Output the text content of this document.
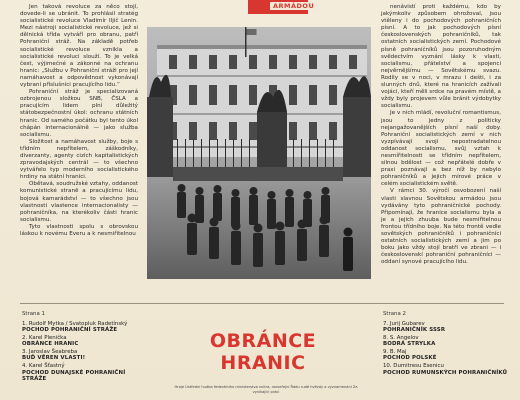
ARMÁDOU

Jen taková revoluce za něco stojí, dovede-li se ubránit. To prohlásil stratég socialistické revoluce Vladimír Iljič Lenin. Mezi nástroji socialistické revoluce, jež si dělnická třída vytváří pro obranu, patří Pohraniční stráž. Na základě potřeb socialistické revoluce vznikla a socialistické revoluci slouží. To je velká čest, výjimečné a zákonné na ochranu hranic: „Službu v Pohraniční stráži pro její namáhavost a odpovědnost vykonávají vybraní příslušníci pracujícího lidu.“

Pohraniční stráž je specializovaná ozbrojenou složkou SNB, ČSLA a pracujícím lidem plní důležitý státobezpečnostní úkol: ochranu státních hranic. Od samého počátku byl tento úkol chápán internacionálně — jako služba socialismu.

Složitost a namáhavost služby, boje s třídním nepřítelem, záškodníky, diverzanty, agenty cizích kapitalistických zpravodajských centrál — to všechno vytvářelo typ moderního socialistického hrdiny na státní hranici.

Obětavá, soudružské vztahy, oddanost komunistické straně a pracujícímu lidu, bojová kamarádství — to všechno jsou vlastnosti vlastence internacionalisty — pohraničníka, na kterékoliv části hranic socialismu.

Tyto vlastnosti spolu s obrovskou láskou k novému Everu a k nesmiřitelnou

nenávistí proti každému, kdo by jakýmkoliv způsobem ohrožoval, jsou vtěleny i do pochodových pohraničních písní. A to jak pochodových písní československých pohraničníků, tak ostatních socialistických zemí. Pochodové písně pohraničníků jsou pozoruhodným svědectvím vyznání lásky k vlasti, socialismu, přátelství a spojenci nejvěrnějšímu — Sovětskému svazu. Rodíly se v noci, v mrazu i dešti, i za slunných dnů, které na hranicích zažívali vojáci, kteří měli srdce na pravém místě, a vždy byly projevem vůle bránit výdobytky socialismu.

Je v nich mládí, revoluční romantismus, jsou to jedny z politicky nejangažovanějších písní naší doby. Pohraniční socialistických zemí v nich vyzpívávají svoji nepostradatelnou oddanost socialismu, svůj vztah k nesmířitelnosti se třídním nepřítelem, silnou bdělost — což nepřátelé dobře v praxi poznávají a bez níž by nebylo pohraničníků a jejich mírové práce v celém socialistickém světě.

V rámci 30. výročí osvobození naší vlasti slavnou Sovětskou armádou jsou vydávány tyto pohraničnické pochody. Připomínají, že hranice socialismu byla a je a jejich zhuuba bude nesmiřitelnou frontou třídního boje. Na této frontě vedle sovětských pohraničníků i pohraničníci ostatních socialistických zemí a jim po boku jako vždy stojí bratři ve zbrani — i československí pohraniční pohraničníci — oddaní synové pracujícího lidu.

Strana 1
1. Rudolf Mytka / Svatopluk Radetínský
POCHOD POHRANIČNÍ STRÁŽE
2. Karel Plenička
OBRÁNCE HRANIC
3. Jaroslav Šeabreba
BUĎ VĚREN VLASTI!
4. Karel Šťastný
POCHOD DUNAJSKÉ POHRANIČNÍ STRÁŽE
OBRÁNCE HRANIC
Hraje Ústřední hudba federálního ministerstva vnitra, rozveřejní Řádu rudé hvězdy a vyznamenání Za vynikající práci
Strana 2
7. Jurij Gubarev
POHRANIČNÍK SSSR
8. S. Angelov
BODRÁ STRYLKA
9. B. Maj
POCHOD POLSKÉ
10. Dumitresu Esenicu
POCHOD RUMUNSKÝCH POHRANIČNÍKŮ
